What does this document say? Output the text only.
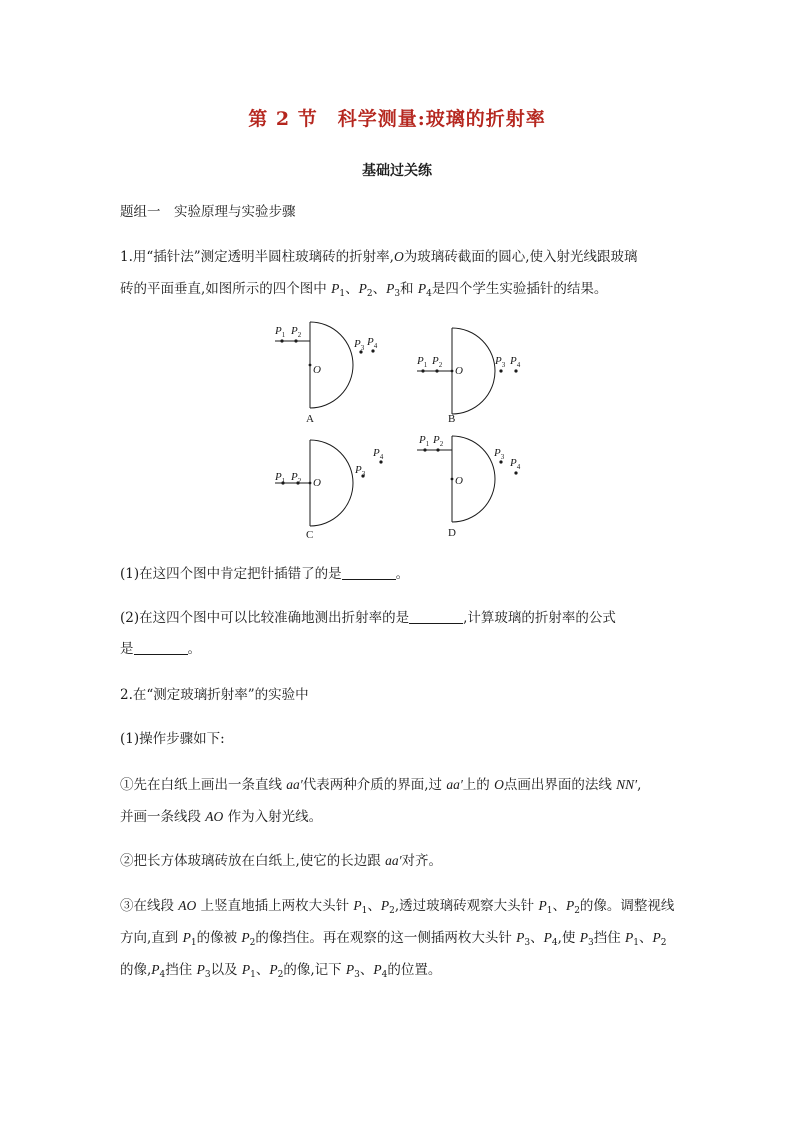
第 2 节　科学测量:玻璃的折射率
基础过关练

题组一　实验原理与实验步骤

1.用“插针法”测定透明半圆柱玻璃砖的折射率,O为玻璃砖截面的圆心,使入射光线跟玻璃
砖的平面垂直,如图所示的四个图中 $P_1$、$P_2$、$P_3$和 $P_4$是四个学生实验插针的结果。

$P_1$ $P_2$
$P_3$ $P_4$
O
$P_1$ $P_2$	$P_3$ $P_4$
O
$P_1$ $P_2$
$P_3$
$P_4$
O
$P_1$ $P_2$
$P_3$ $P_4$
O
A	B
C	D

(1)在这四个图中肯定把针插错了的是	。

(2)在这四个图中可以比较准确地测出折射率的是	,计算玻璃的折射率的公式
是	。

2.在“测定玻璃折射率”的实验中

(1)操作步骤如下:

①先在白纸上画出一条直线 aa′代表两种介质的界面,过 aa′上的 O点画出界面的法线 NN′,
并画一条线段 AO 作为入射光线。

②把长方体玻璃砖放在白纸上,使它的长边跟 aa′对齐。

③在线段 AO 上竖直地插上两枚大头针 $P_1$、$P_2$,透过玻璃砖观察大头针 $P_1$、$P_2$的像。调整视线
方向,直到 $P_1$的像被 $P_2$的像挡住。再在观察的这一侧插两枚大头针 $P_3$、$P_4$,使 $P_3$挡住 $P_1$、$P_2$
的像$,P_4$挡住 $P_3$以及 $P_1$、$P_2$的像,记下 $P_3$、$P_4$的位置。
